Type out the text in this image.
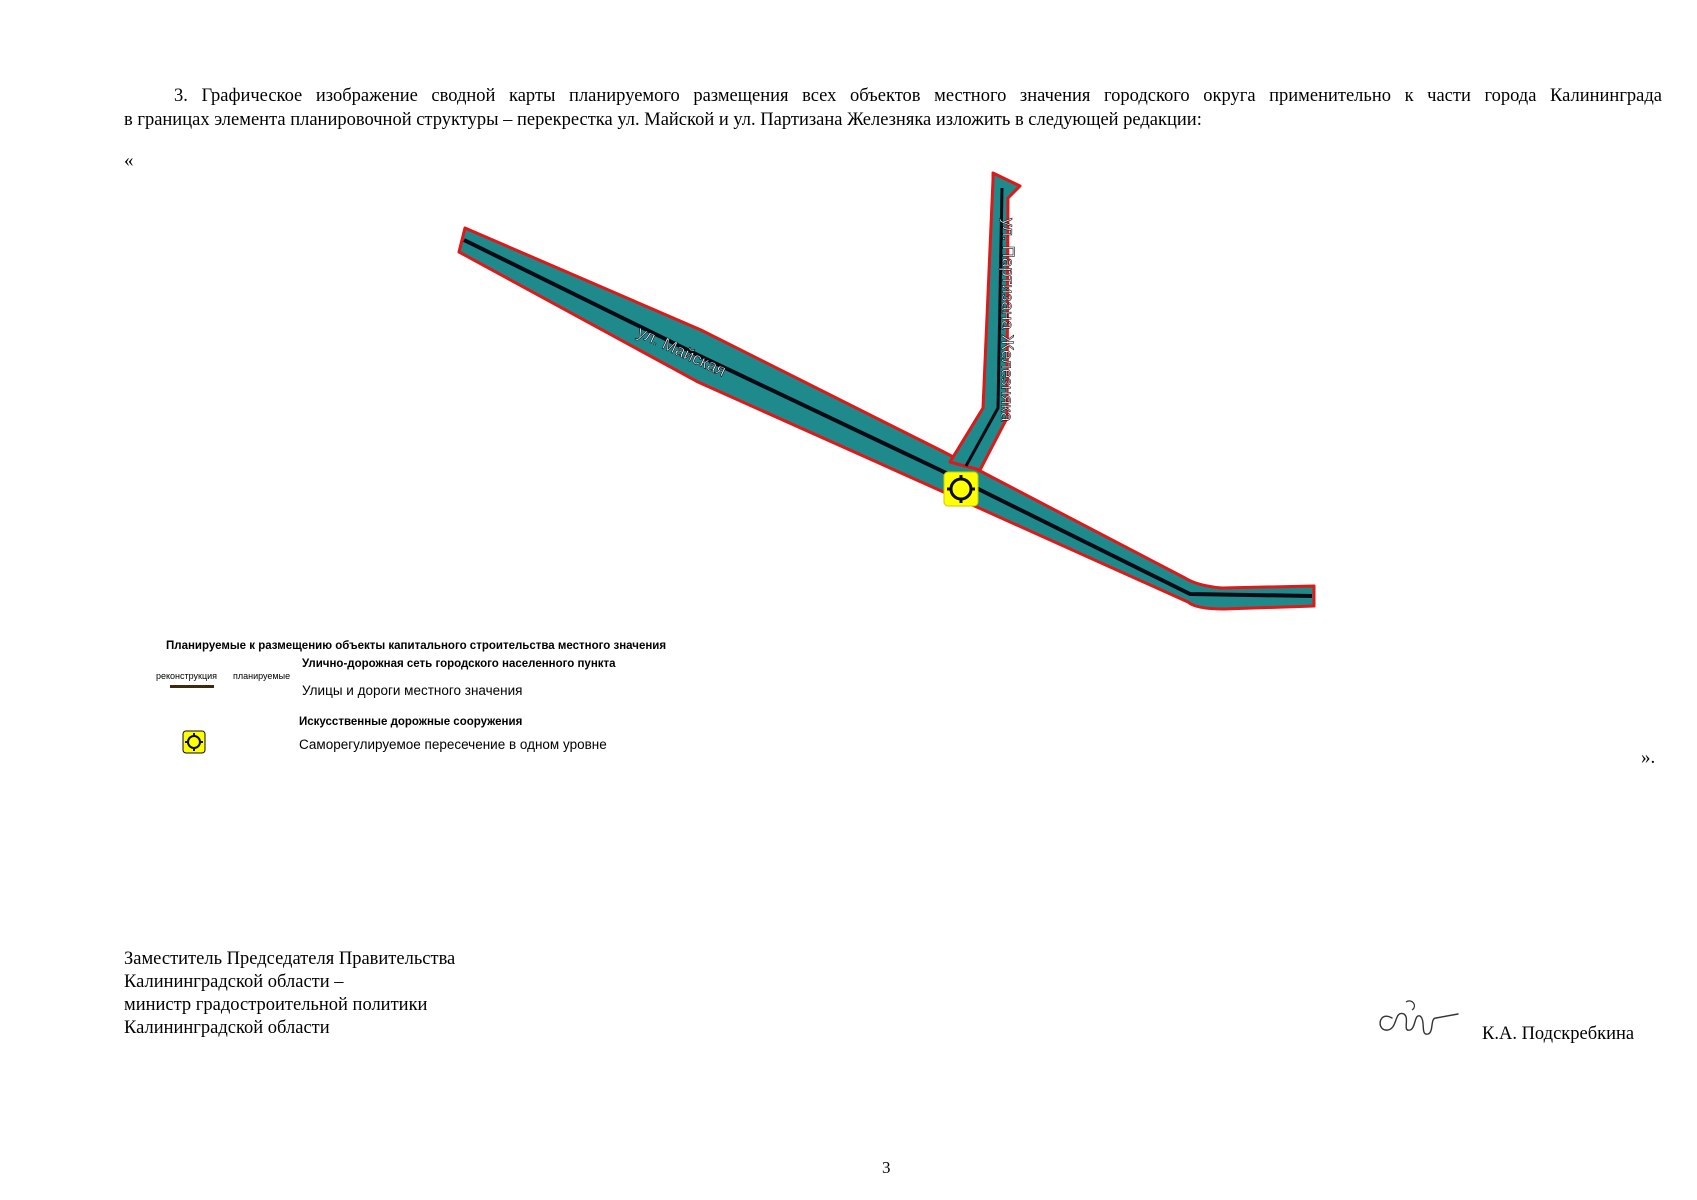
3. Графическое изображение сводной карты планируемого размещения всех объектов местного значения городского округа применительно к части города Калининграда
в границах элемента планировочной структуры – перекрестка ул. Майской и ул. Партизана Железняка изложить в следующей редакции:
«
ул. Майская
ул. Партизана Железняка
Планируемые к размещению объекты капитального строительства местного значения
Улично-дорожная сеть городского населенного пункта
реконструкция планируемые
Улицы и дороги местного значения
Искусственные дорожные сооружения
Саморегулируемое пересечение в одном уровне
».
Заместитель Председателя Правительства
Калининградской области –
министр градостроительной политики
Калининградской области	К.А. Подскребкина
3
